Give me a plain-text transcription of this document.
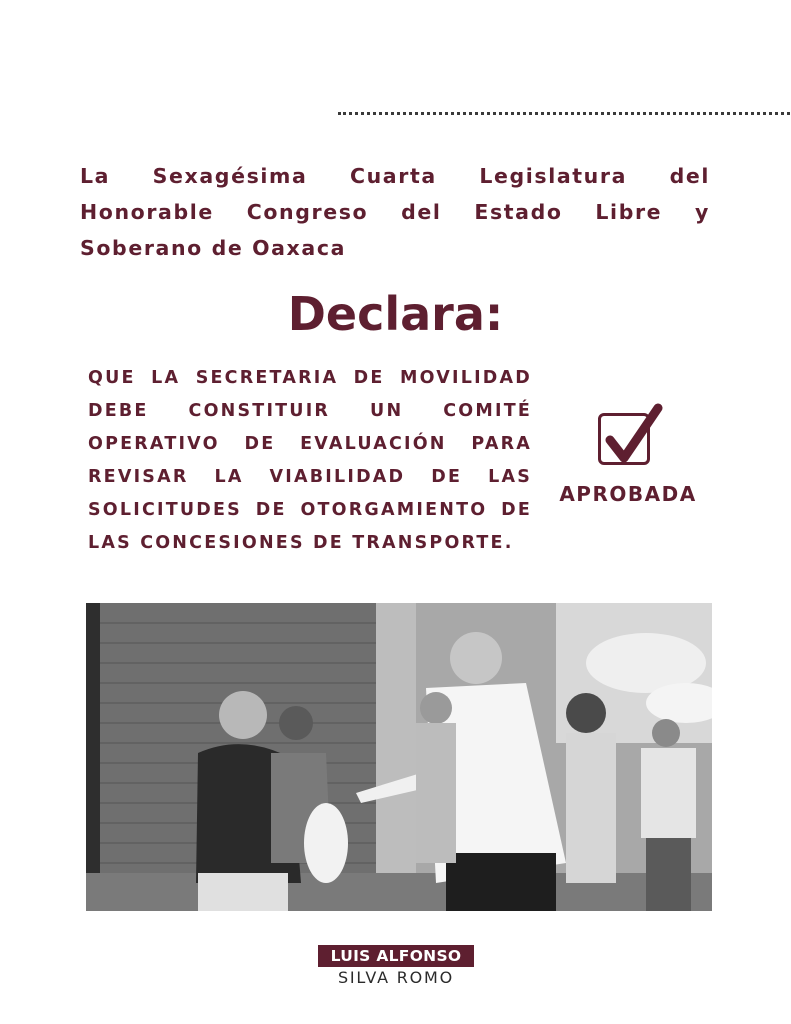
La Sexagésima Cuarta Legislatura del Honorable Congreso del Estado Libre y Soberano de Oaxaca
Declara:
QUE LA SECRETARIA DE MOVILIDAD DEBE CONSTITUIR UN COMITÉ OPERATIVO DE EVALUACIÓN PARA REVISAR LA VIABILIDAD DE LAS SOLICITUDES DE OTORGAMIENTO DE LAS CONCESIONES DE TRANSPORTE.
APROBADA
LUIS ALFONSO
SILVA ROMO
